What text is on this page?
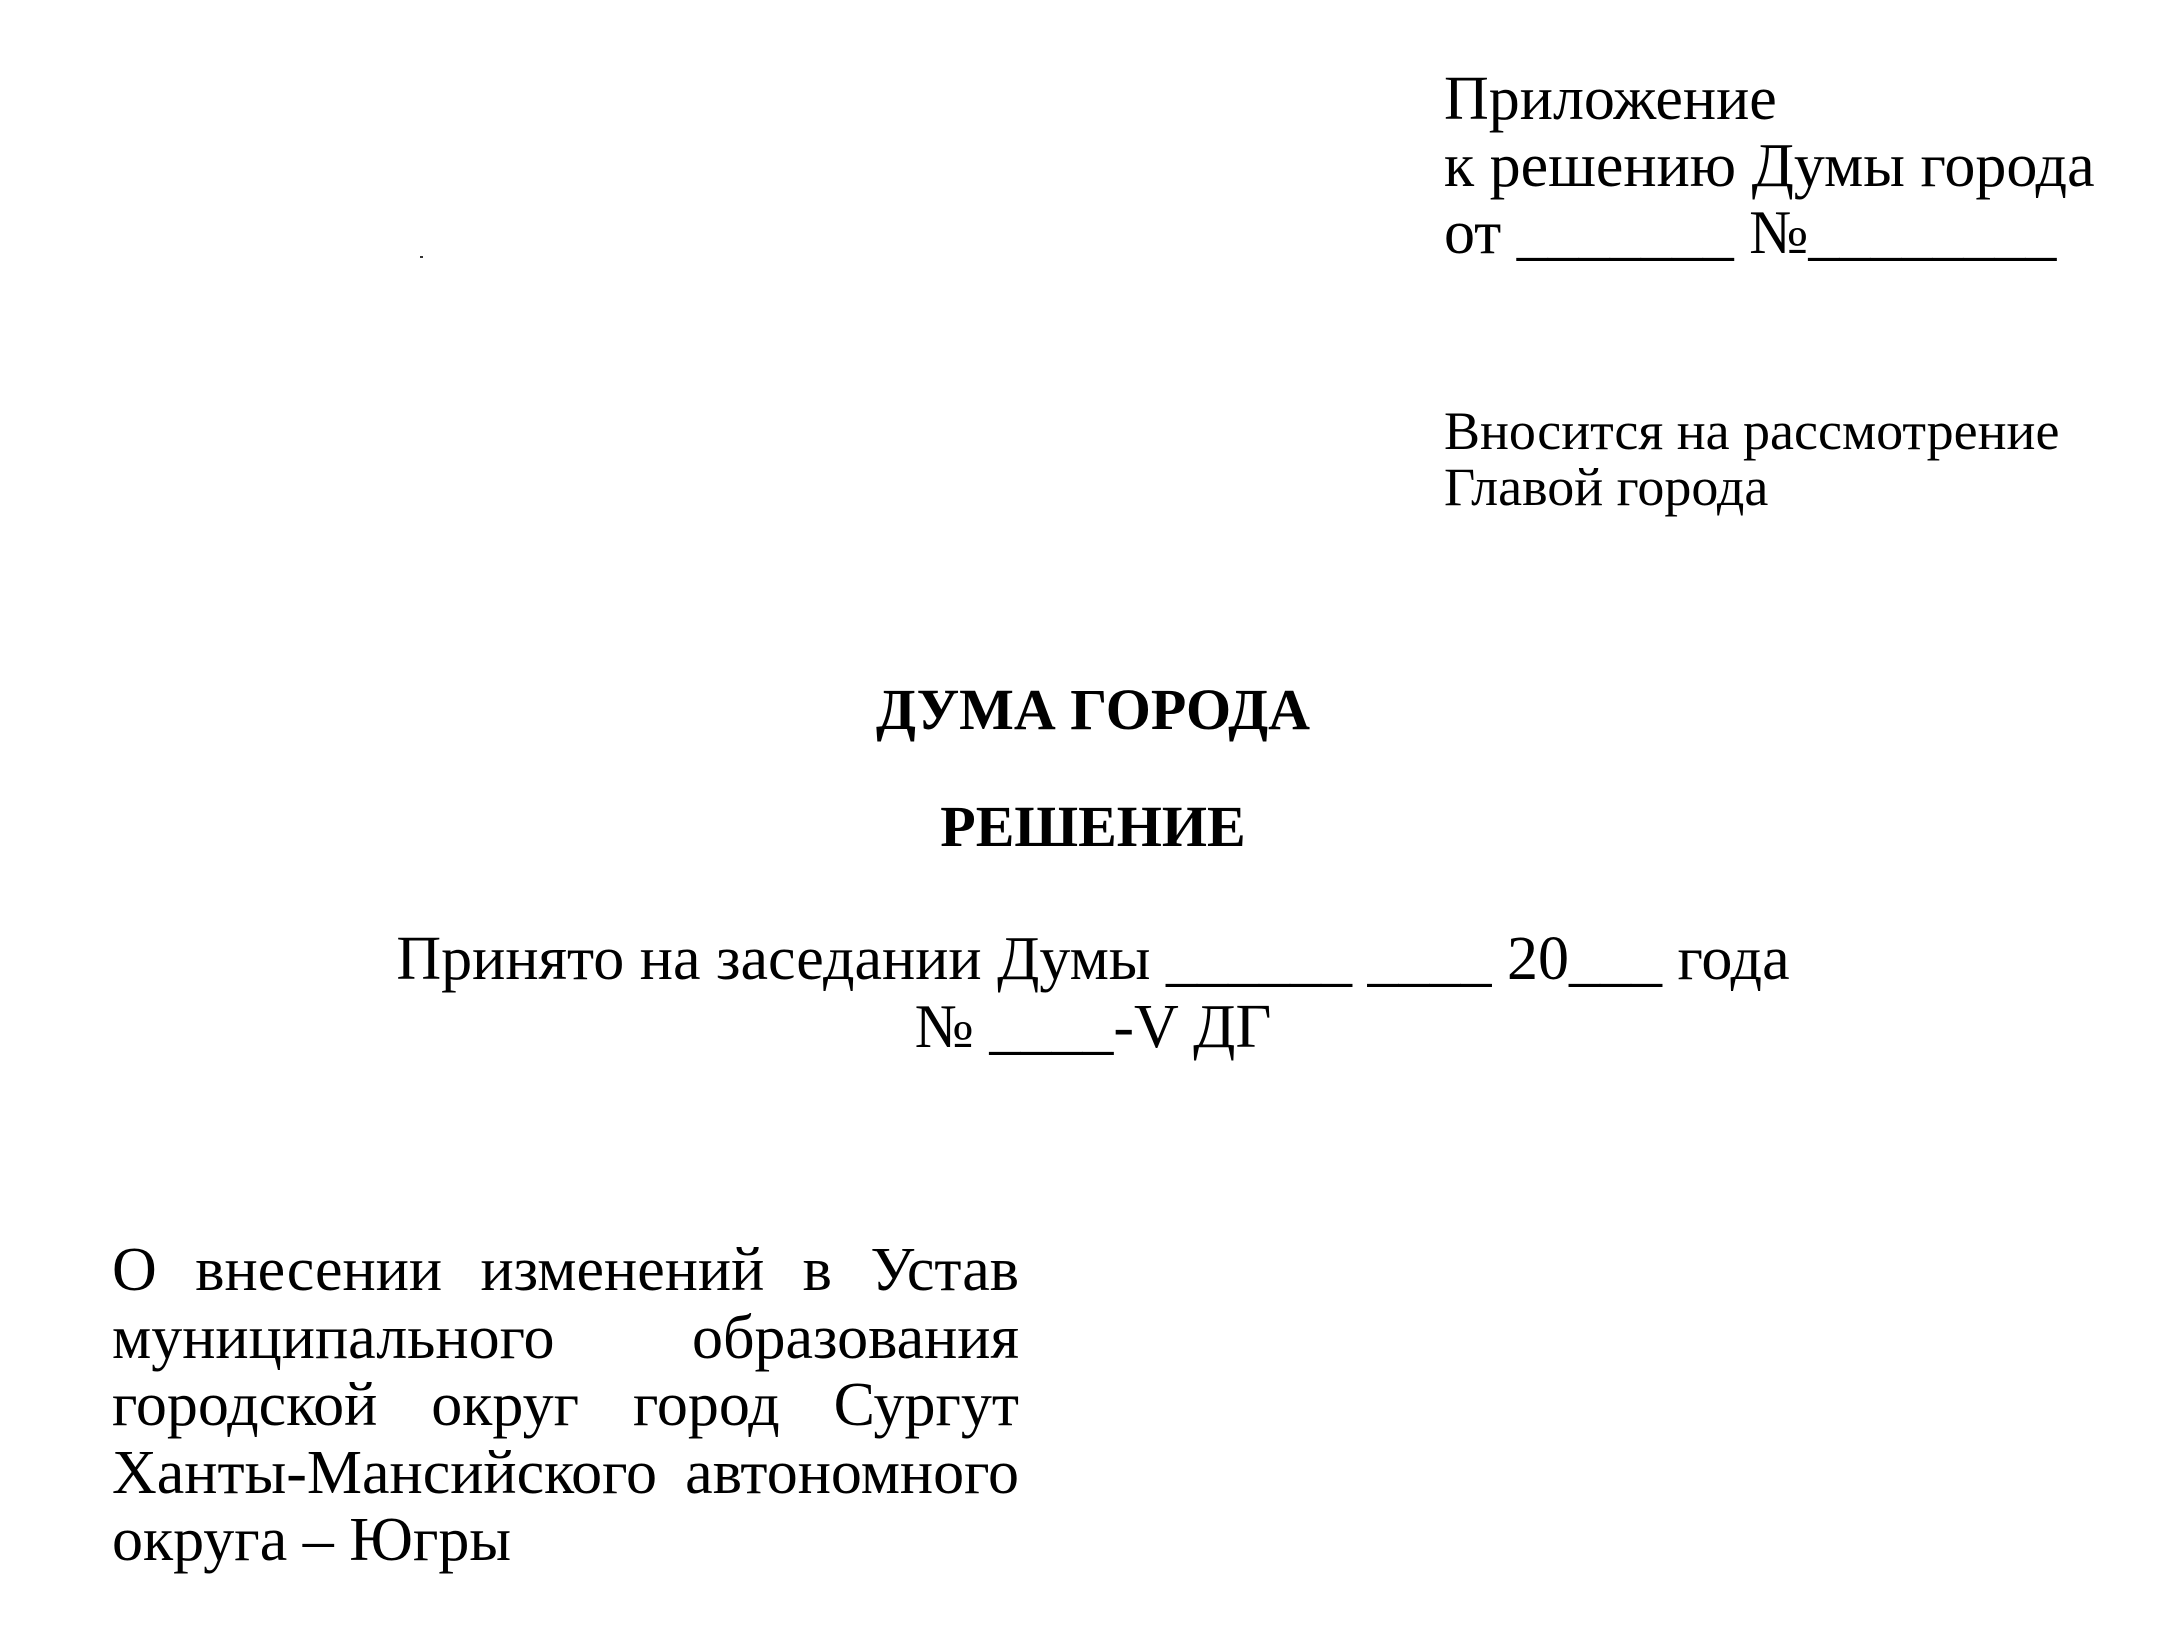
Приложение
к решению Думы города
от _______ №________
Вносится на рассмотрение
Главой города
ДУМА ГОРОДА
РЕШЕНИЕ
Принято на заседании Думы ______ ____ 20___ года
№ ____-V ДГ
О внесении изменений в Устав
муниципального образования
городской округ город Сургут
Ханты-Мансийского автономного
округа – Югры
